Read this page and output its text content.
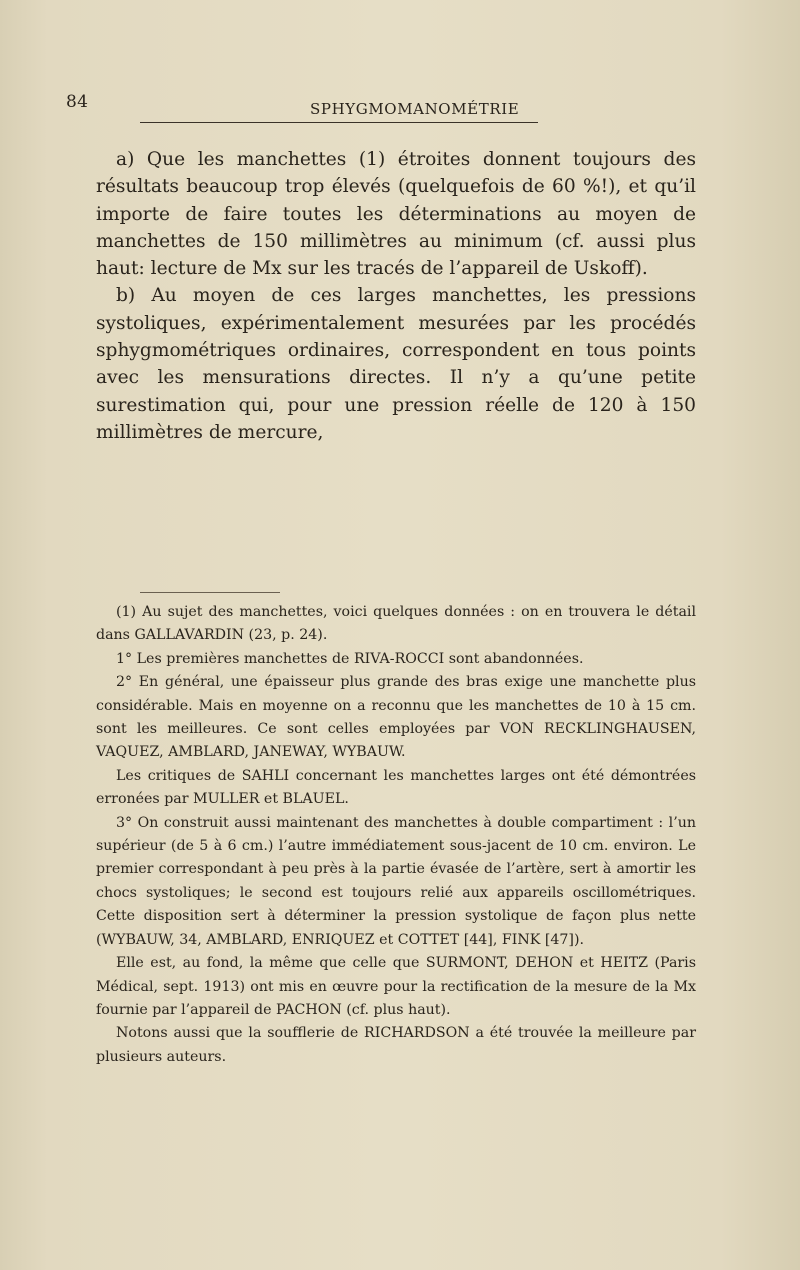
84	SPHYGMOMANOMÉTRIE

a) Que les manchettes (1) étroites donnent toujours des résultats beaucoup trop élevés (quelquefois de 60 %!), et qu’il importe de faire toutes les déterminations au moyen de manchettes de 150 millimètres au minimum (cf. aussi plus haut: lecture de Mx sur les tracés de l’appareil de Uskoff).

b) Au moyen de ces larges manchettes, les pressions systoliques, expérimentalement mesurées par les procédés sphygmométriques ordinaires, correspondent en tous points avec les mensurations directes. Il n’y a qu’une petite surestimation qui, pour une pression réelle de 120 à 150 millimètres de mercure,

(1) Au sujet des manchettes, voici quelques données : on en trouvera le détail dans GALLAVARDIN (23, p. 24).

1° Les premières manchettes de RIVA-ROCCI sont abandonnées.

2° En général, une épaisseur plus grande des bras exige une manchette plus considérable. Mais en moyenne on a reconnu que les manchettes de 10 à 15 cm. sont les meilleures. Ce sont celles employées par VON RECKLINGHAUSEN, VAQUEZ, AMBLARD, JANEWAY, WYBAUW.

Les critiques de SAHLI concernant les manchettes larges ont été démontrées erronées par MULLER et BLAUEL.

3° On construit aussi maintenant des manchettes à double compartiment : l’un supérieur (de 5 à 6 cm.) l’autre immédiatement sous-jacent de 10 cm. environ. Le premier correspondant à peu près à la partie évasée de l’artère, sert à amortir les chocs systoliques; le second est toujours relié aux appareils oscillométriques. Cette disposition sert à déterminer la pression systolique de façon plus nette (WYBAUW, 34, AMBLARD, ENRIQUEZ et COTTET [44], FINK [47]).

Elle est, au fond, la même que celle que SURMONT, DEHON et HEITZ (Paris Médical, sept. 1913) ont mis en œuvre pour la rectification de la mesure de la Mx fournie par l’appareil de PACHON (cf. plus haut).

Notons aussi que la soufflerie de RICHARDSON a été trouvée la meilleure par plusieurs auteurs.
